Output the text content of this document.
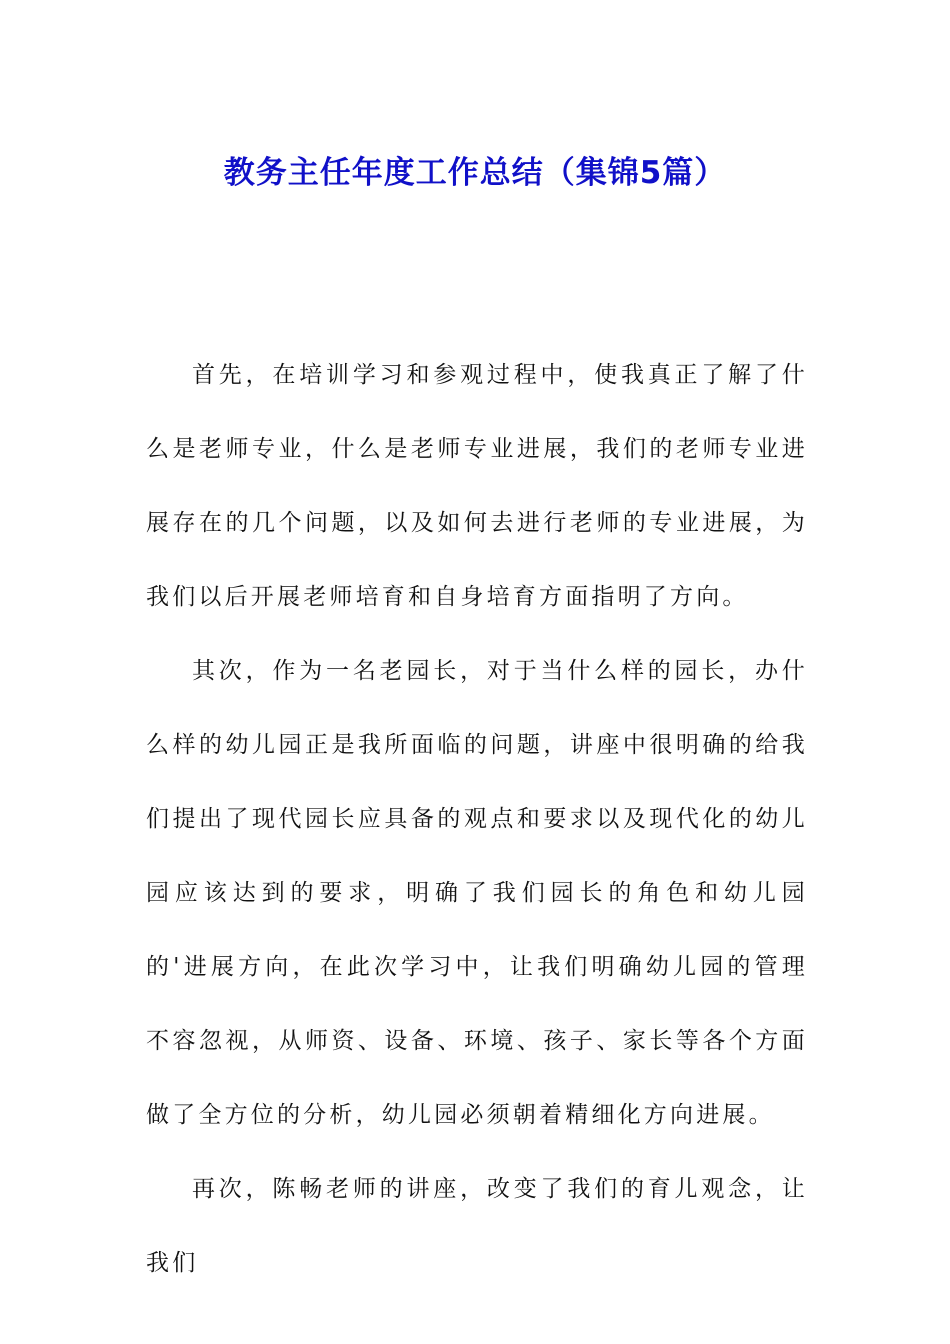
教务主任年度工作总结（集锦5篇）

首先，在培训学习和参观过程中，使我真正了解了什么是老师专业，什么是老师专业进展，我们的老师专业进展存在的几个问题，以及如何去进行老师的专业进展，为我们以后开展老师培育和自身培育方面指明了方向。

其次，作为一名老园长，对于当什么样的园长，办什么样的幼儿园正是我所面临的问题，讲座中很明确的给我们提出了现代园长应具备的观点和要求以及现代化的幼儿园应该达到的要求，明确了我们园长的角色和幼儿园的'进展方向，在此次学习中，让我们明确幼儿园的管理不容忽视，从师资、设备、环境、孩子、家长等各个方面做了全方位的分析，幼儿园必须朝着精细化方向进展。

再次，陈畅老师的讲座，改变了我们的育儿观念，让我们
